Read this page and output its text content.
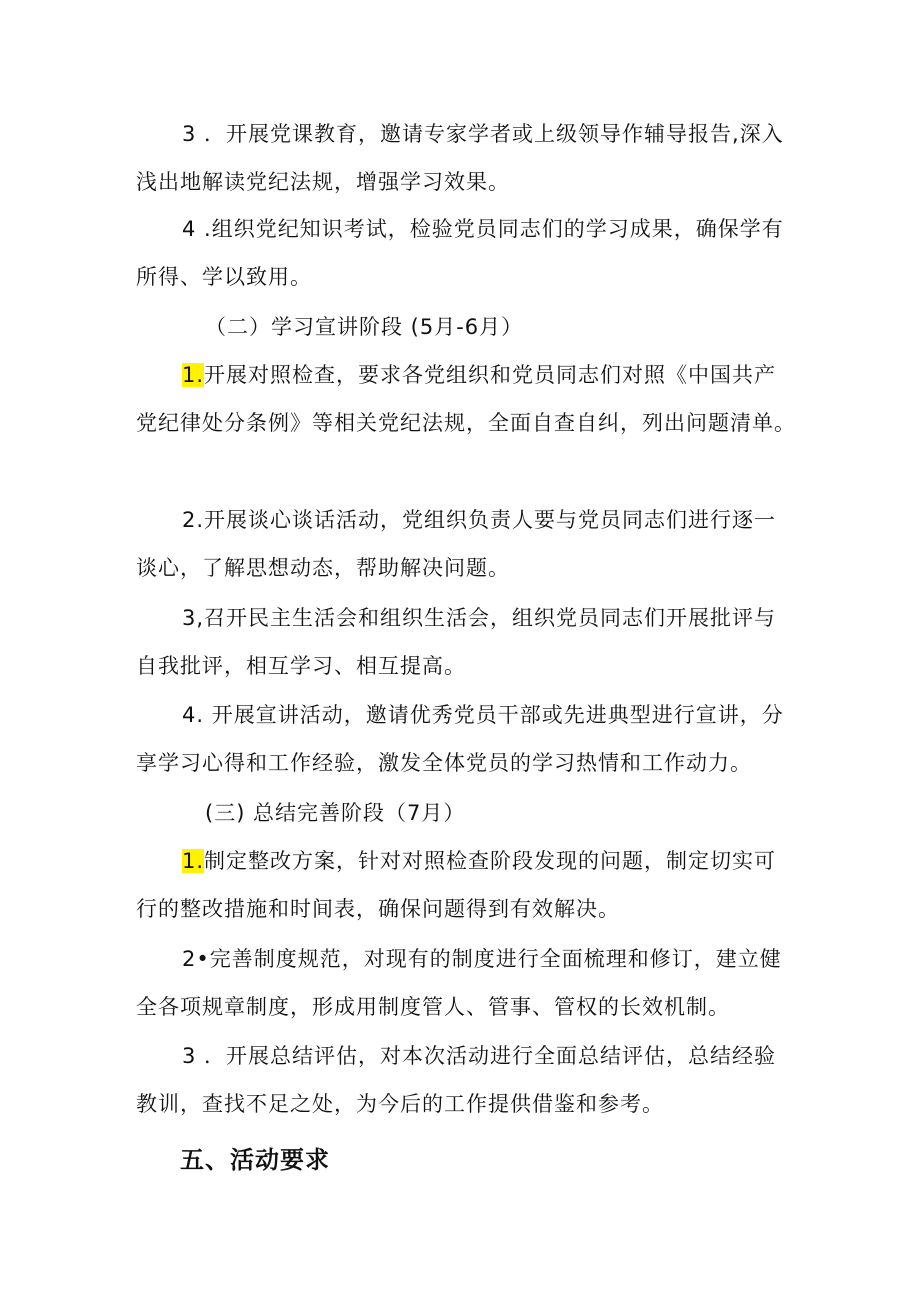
3 ．开展党课教育，邀请专家学者或上级领导作辅导报告,深入浅出地解读党纪法规，增强学习效果。

4 .组织党纪知识考试，检验党员同志们的学习成果，确保学有所得、学以致用。

（二）学习宣讲阶段 (5月-6月）

1.开展对照检查，要求各党组织和党员同志们对照《中国共产党纪律处分条例》等相关党纪法规，全面自查自纠，列出问题清单。

2.开展谈心谈话活动，党组织负责人要与党员同志们进行逐一谈心，了解思想动态，帮助解决问题。

3,召开民主生活会和组织生活会，组织党员同志们开展批评与自我批评，相互学习、相互提高。

4. 开展宣讲活动，邀请优秀党员干部或先进典型进行宣讲，分享学习心得和工作经验，激发全体党员的学习热情和工作动力。

(三) 总结完善阶段（7月）

1.制定整改方案，针对对照检查阶段发现的问题，制定切实可行的整改措施和时间表，确保问题得到有效解决。

2•完善制度规范，对现有的制度进行全面梳理和修订，建立健全各项规章制度，形成用制度管人、管事、管权的长效机制。

3 ．开展总结评估，对本次活动进行全面总结评估，总结经验教训，查找不足之处，为今后的工作提供借鉴和参考。

五、活动要求
